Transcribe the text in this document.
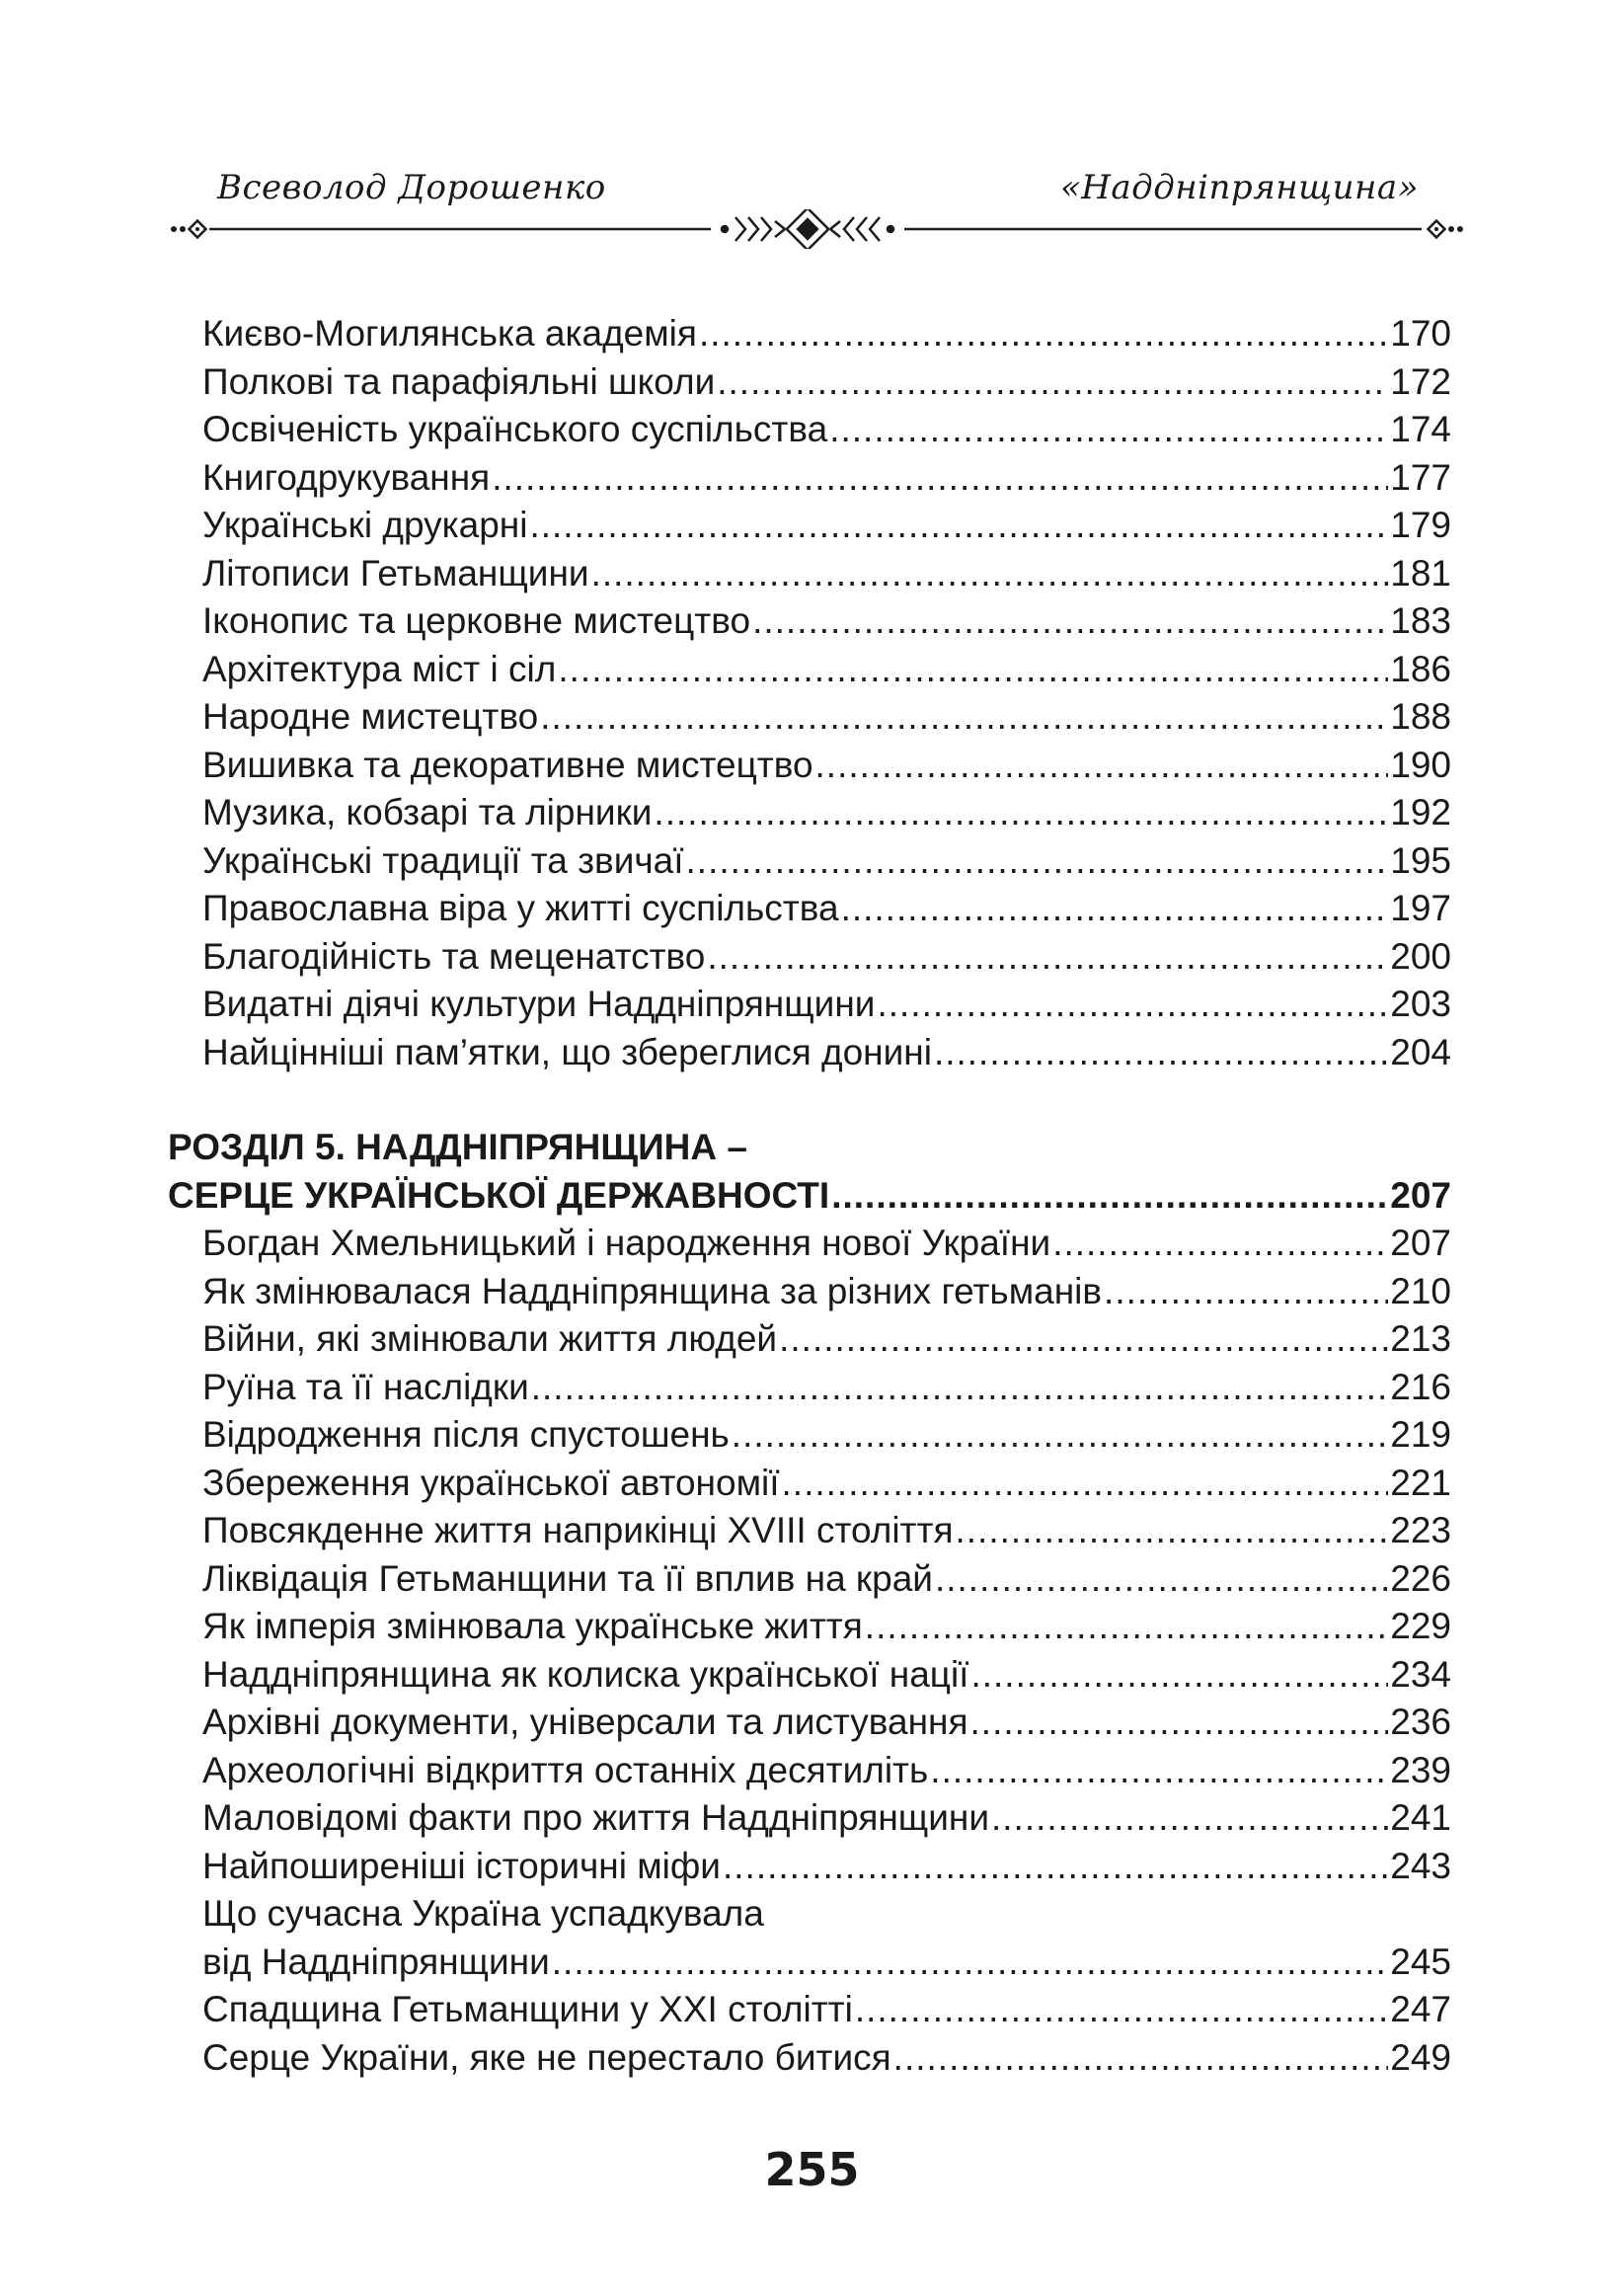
Всеволод Дорошенко	«Наддніпрянщина»
Києво-Могилянська академія .....	170
Полкові та парафіяльні школи .....	172
Освіченість українського суспільства .....	174
Книгодрукування .....	177
Українські друкарні .....	179
Літописи Гетьманщини .....	181
Іконопис та церковне мистецтво .....	183
Архітектура міст і сіл .....	186
Народне мистецтво .....	188
Вишивка та декоративне мистецтво .....	190
Музика, кобзарі та лірники .....	192
Українські традиції та звичаї .....	195
Православна віра у житті суспільства .....	197
Благодійність та меценатство .....	200
Видатні діячі культури Наддніпрянщини .....	203
Найцінніші пам’ятки, що збереглися донині .....	204
РОЗДІЛ 5. НАДДНІПРЯНЩИНА –
СЕРЦЕ УКРАЇНСЬКОЇ ДЕРЖАВНОСТІ .....	207
Богдан Хмельницький і народження нової України .....	207
Як змінювалася Наддніпрянщина за різних гетьманів .....	210
Війни, які змінювали життя людей .....	213
Руїна та її наслідки .....	216
Відродження після спустошень .....	219
Збереження української автономії .....	221
Повсякденне життя наприкінці XVIII століття .....	223
Ліквідація Гетьманщини та її вплив на край .....	226
Як імперія змінювала українське життя .....	229
Наддніпрянщина як колиска української нації .....	234
Архівні документи, універсали та листування .....	236
Археологічні відкриття останніх десятиліть .....	239
Маловідомі факти про життя Наддніпрянщини .....	241
Найпоширеніші історичні міфи .....	243
Що сучасна Україна успадкувала
від Наддніпрянщини .....	245
Спадщина Гетьманщини у ХХІ столітті .....	247
Серце України, яке не перестало битися .....	249
255
